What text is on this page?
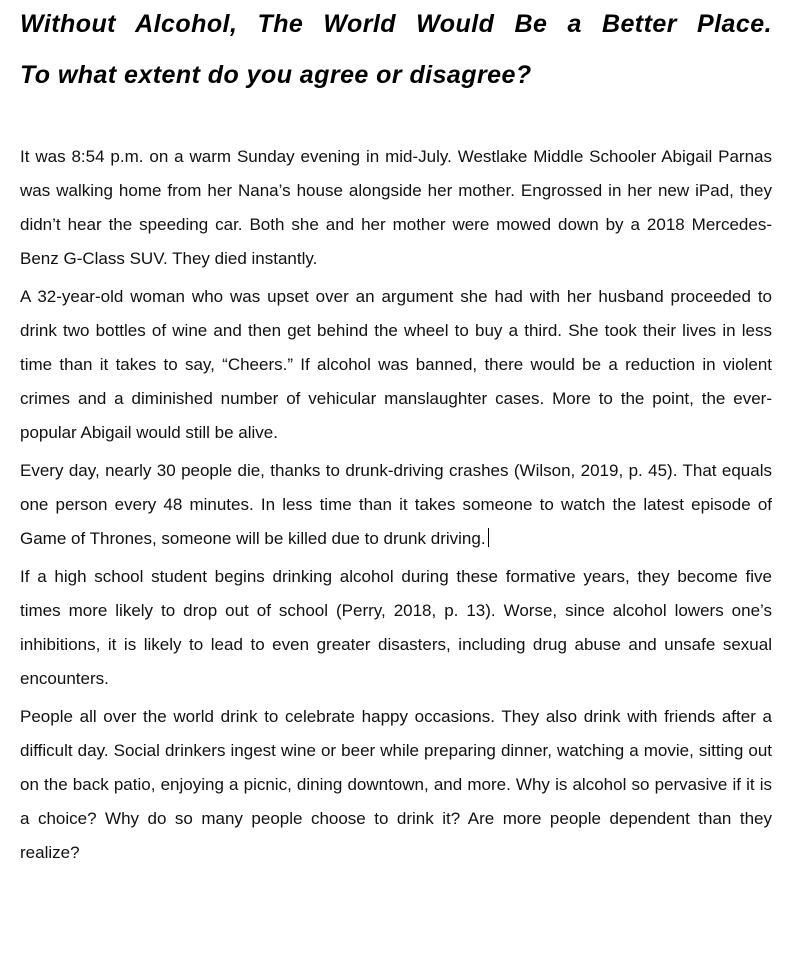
Without Alcohol, The World Would Be a Better Place.
To what extent do you agree or disagree?

It was 8:54 p.m. on a warm Sunday evening in mid-July. Westlake Middle Schooler Abigail Parnas was walking home from her Nana’s house alongside her mother. Engrossed in her new iPad, they didn’t hear the speeding car. Both she and her mother were mowed down by a 2018 Mercedes-Benz G-Class SUV. They died instantly.

A 32-year-old woman who was upset over an argument she had with her husband proceeded to drink two bottles of wine and then get behind the wheel to buy a third. She took their lives in less time than it takes to say, “Cheers.” If alcohol was banned, there would be a reduction in violent crimes and a diminished number of vehicular manslaughter cases. More to the point, the ever-popular Abigail would still be alive.

Every day, nearly 30 people die, thanks to drunk-driving crashes (Wilson, 2019, p. 45). That equals one person every 48 minutes. In less time than it takes someone to watch the latest episode of Game of Thrones, someone will be killed due to drunk driving.

If a high school student begins drinking alcohol during these formative years, they become five times more likely to drop out of school (Perry, 2018, p. 13). Worse, since alcohol lowers one’s inhibitions, it is likely to lead to even greater disasters, including drug abuse and unsafe sexual encounters.

People all over the world drink to celebrate happy occasions. They also drink with friends after a difficult day. Social drinkers ingest wine or beer while preparing dinner, watching a movie, sitting out on the back patio, enjoying a picnic, dining downtown, and more. Why is alcohol so pervasive if it is a choice? Why do so many people choose to drink it? Are more people dependent than they realize?
